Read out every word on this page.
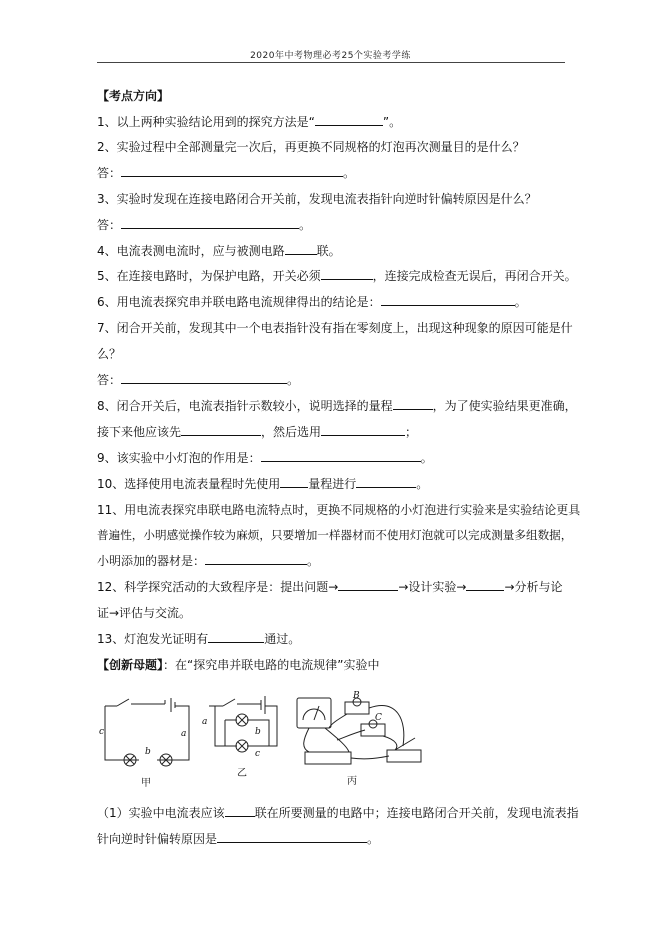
2020年中考物理必考25个实验考学练
【考点方向】
1、以上两种实验结论用到的探究方法是“	”。
2、实验过程中全部测量完一次后，再更换不同规格的灯泡再次测量目的是什么？
答：	。
3、实验时发现在连接电路闭合开关前，发现电流表指针向逆时针偏转原因是什么？
答：	。
4、电流表测电流时，应与被测电路	联。
5、在连接电路时，为保护电路，开关必须	，连接完成检查无误后，再闭合开关。
6、用电流表探究串并联电路电流规律得出的结论是：	。
7、闭合开关前，发现其中一个电表指针没有指在零刻度上，出现这种现象的原因可能是什
么？
答：	。
8、闭合开关后，电流表指针示数较小，说明选择的量程	，为了使实验结果更准确，
接下来他应该先	，然后选用	；
9、该实验中小灯泡的作用是：	。
10、选择使用电流表量程时先使用 量程进行	。
11、用电流表探究串联电路电流特点时，更换不同规格的小灯泡进行实验来是实验结论更具
普遍性，小明感觉操作较为麻烦，只要增加一样器材而不使用灯泡就可以完成测量多组数据，
小明添加的器材是：	。
12、科学探究活动的大致程序是：提出问题→	→设计实验→	→分析与论
证→评估与交流。
13、灯泡发光证明有	通过。
【创新母题】：在“探究串并联电路的电流规律”实验中
（1）实验中电流表应该	联在所要测量的电路中；连接电路闭合开关前，发现电流表指
针向逆时针偏转原因是	。
c
b
a
a
b
c
B
C
甲
乙
丙
